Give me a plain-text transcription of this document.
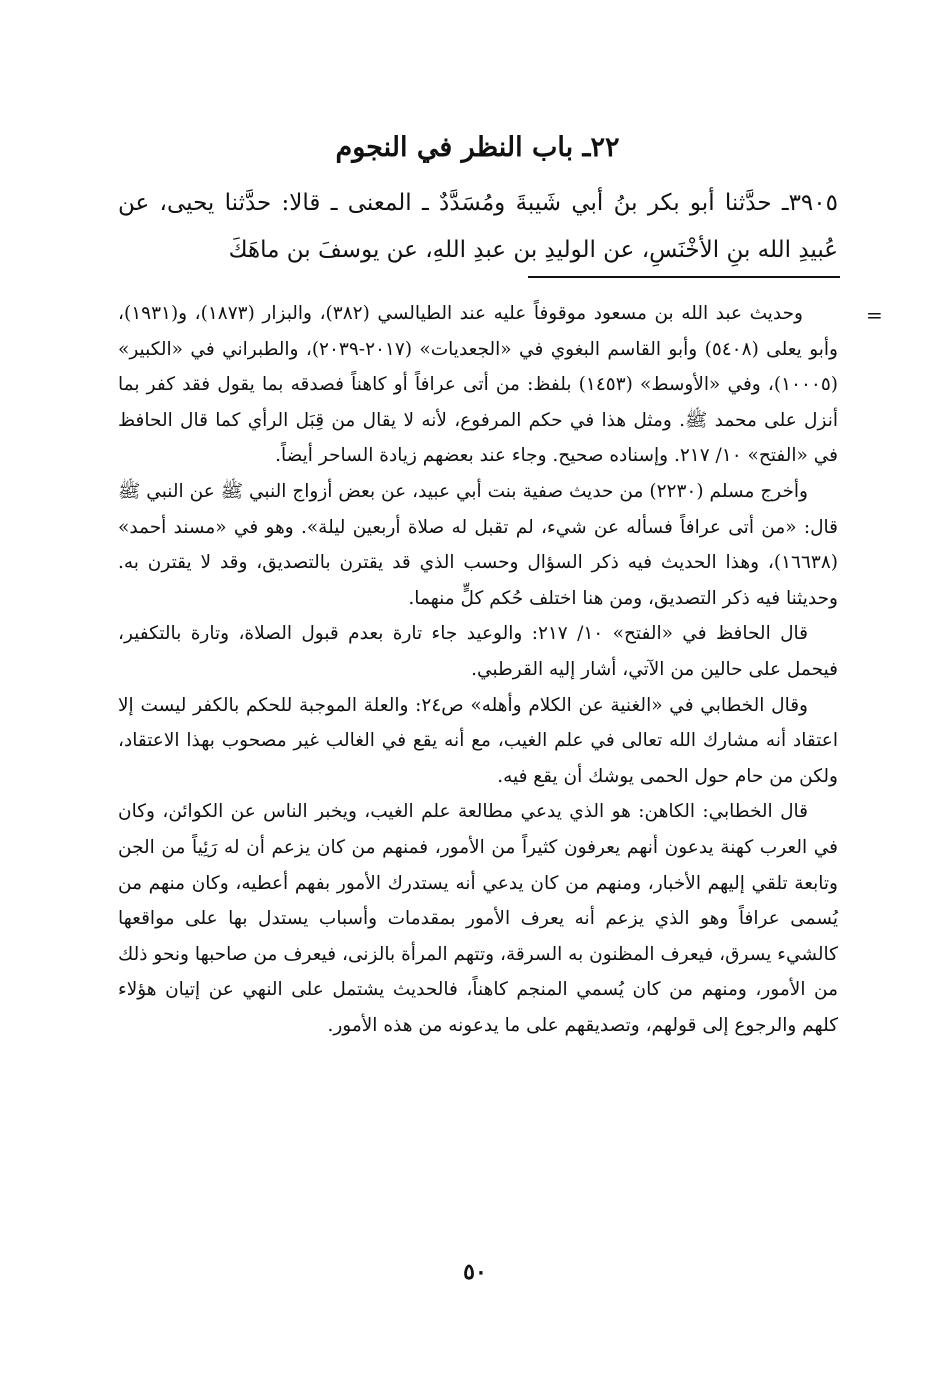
٢٢ـ باب النظر في النجوم

٣٩٠٥ـ حدَّثنا أبو بكر بنُ أبي شَيبةَ ومُسَدَّدٌ ـ المعنى ـ قالا: حدَّثنا يحيى، عن عُبيدِ الله بنِ الأخْنَسِ، عن الوليدِ بن عبدِ اللهِ، عن يوسفَ بن ماهَكَ

=

وحديث عبد الله بن مسعود موقوفاً عليه عند الطيالسي (٣٨٢)، والبزار (١٨٧٣)، و(١٩٣١)، وأبو يعلى (٥٤٠٨) وأبو القاسم البغوي في «الجعديات» (٢٠١٧-٢٠٣٩)، والطبراني في «الكبير» (١٠٠٠٥)، وفي «الأوسط» (١٤٥٣) بلفظ: من أتى عرافاً أو كاهناً فصدقه بما يقول فقد كفر بما أنزل على محمد ﷺ. ومثل هذا في حكم المرفوع، لأنه لا يقال من قِبَل الرأي كما قال الحافظ في «الفتح» ١٠/ ٢١٧. وإسناده صحيح. وجاء عند بعضهم زيادة الساحر أيضاً.

وأخرج مسلم (٢٢٣٠) من حديث صفية بنت أبي عبيد، عن بعض أزواج النبي ﷺ عن النبي ﷺ قال: «من أتى عرافاً فسأله عن شيء، لم تقبل له صلاة أربعين ليلة». وهو في «مسند أحمد» (١٦٦٣٨)، وهذا الحديث فيه ذكر السؤال وحسب الذي قد يقترن بالتصديق، وقد لا يقترن به. وحديثنا فيه ذكر التصديق، ومن هنا اختلف حُكم كلٍّ منهما.

قال الحافظ في «الفتح» ١٠/ ٢١٧: والوعيد جاء تارة بعدم قبول الصلاة، وتارة بالتكفير، فيحمل على حالين من الآتي، أشار إليه القرطبي.

وقال الخطابي في «الغنية عن الكلام وأهله» ص٢٤: والعلة الموجبة للحكم بالكفر ليست إلا اعتقاد أنه مشارك الله تعالى في علم الغيب، مع أنه يقع في الغالب غير مصحوب بهذا الاعتقاد، ولكن من حام حول الحمى يوشك أن يقع فيه.

قال الخطابي: الكاهن: هو الذي يدعي مطالعة علم الغيب، ويخبر الناس عن الكوائن، وكان في العرب كهنة يدعون أنهم يعرفون كثيراً من الأمور، فمنهم من كان يزعم أن له رَئِياً من الجن وتابعة تلقي إليهم الأخبار، ومنهم من كان يدعي أنه يستدرك الأمور بفهم أعطيه، وكان منهم من يُسمى عرافاً وهو الذي يزعم أنه يعرف الأمور بمقدمات وأسباب يستدل بها على مواقعها كالشيء يسرق، فيعرف المظنون به السرقة، وتتهم المرأة بالزنى، فيعرف من صاحبها ونحو ذلك من الأمور، ومنهم من كان يُسمي المنجم كاهناً، فالحديث يشتمل على النهي عن إتيان هؤلاء كلهم والرجوع إلى قولهم، وتصديقهم على ما يدعونه من هذه الأمور.

٥٠
